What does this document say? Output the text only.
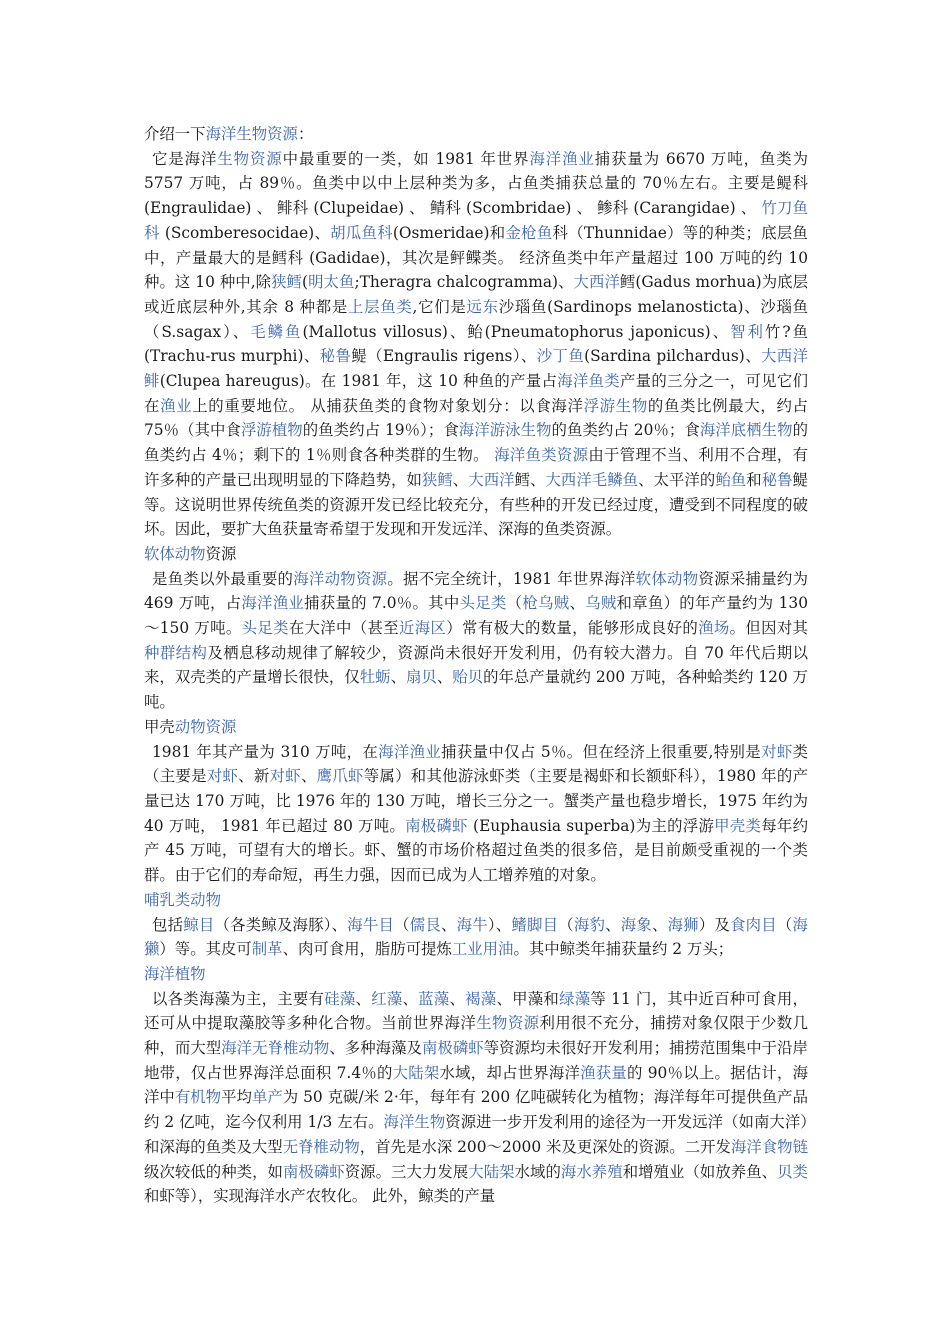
介绍一下海洋生物资源：

它是海洋生物资源中最重要的一类，如 1981 年世界海洋渔业捕获量为 6670 万吨，鱼类为 5757 万吨，占 89％。鱼类中以中上层种类为多，占鱼类捕获总量的 70％左右。主要是鳀科 (Engraulidae) 、 鲱科 (Clupeidae) 、 鲭科 (Scombridae) 、 鲹科 (Carangidae) 、 竹刀鱼科 (Scomberesocidae)、胡瓜鱼科(Osmeridae)和金枪鱼科（Thunnidae）等的种类；底层鱼中，产量最大的是鳕科 (Gadidae)，其次是鲆鲽类。 经济鱼类中年产量超过 100 万吨的约 10 种。这 10 种中,除狭鳕(明太鱼;Theragra chalcogramma)、大西洋鳕(Gadus morhua)为底层或近底层种外,其余 8 种都是上层鱼类,它们是远东沙瑙鱼(Sardinops melanosticta)、沙瑙鱼（S.sagax）、毛鳞鱼(Mallotus villosus)、鲐(Pneumatophorus japonicus)、智利竹?鱼 (Trachu-rus murphi)、秘鲁鳀（Engraulis rigens）、沙丁鱼(Sardina pilchardus)、大西洋鲱(Clupea hareugus)。在 1981 年，这 10 种鱼的产量占海洋鱼类产量的三分之一，可见它们在渔业上的重要地位。 从捕获鱼类的食物对象划分：以食海洋浮游生物的鱼类比例最大，约占 75％（其中食浮游植物的鱼类约占 19％）；食海洋游泳生物的鱼类约占 20％；食海洋底栖生物的鱼类约占 4％；剩下的 1％则食各种类群的生物。 海洋鱼类资源由于管理不当、利用不合理，有许多种的产量已出现明显的下降趋势，如狭鳕、大西洋鳕、大西洋毛鳞鱼、太平洋的鲐鱼和秘鲁鳀等。这说明世界传统鱼类的资源开发已经比较充分，有些种的开发已经过度，遭受到不同程度的破坏。因此，要扩大鱼获量寄希望于发现和开发远洋、深海的鱼类资源。

软体动物资源

是鱼类以外最重要的海洋动物资源。据不完全统计，1981 年世界海洋软体动物资源采捕量约为 469 万吨，占海洋渔业捕获量的 7.0％。其中头足类（枪乌贼、乌贼和章鱼）的年产量约为 130～150 万吨。头足类在大洋中（甚至近海区）常有极大的数量，能够形成良好的渔场。但因对其种群结构及栖息移动规律了解较少，资源尚未很好开发利用，仍有较大潜力。自 70 年代后期以来，双壳类的产量增长很快，仅牡蛎、扇贝、贻贝的年总产量就约 200 万吨，各种蛤类约 120 万吨。

甲壳动物资源

1981 年其产量为 310 万吨，在海洋渔业捕获量中仅占 5％。但在经济上很重要,特别是对虾类（主要是对虾、新对虾、鹰爪虾等属）和其他游泳虾类（主要是褐虾和长额虾科），1980 年的产量已达 170 万吨，比 1976 年的 130 万吨，增长三分之一。蟹类产量也稳步增长，1975 年约为 40 万吨， 1981 年已超过 80 万吨。南极磷虾 (Euphausia superba)为主的浮游甲壳类每年约产 45 万吨，可望有大的增长。虾、蟹的市场价格超过鱼类的很多倍，是目前颇受重视的一个类群。由于它们的寿命短，再生力强，因而已成为人工增养殖的对象。

哺乳类动物

包括鲸目（各类鲸及海豚）、海牛目（儒艮、海牛）、鳍脚目（海豹、海象、海狮）及食肉目（海獭）等。其皮可制革、肉可食用，脂肪可提炼工业用油。其中鲸类年捕获量约 2 万头；

海洋植物

以各类海藻为主，主要有硅藻、红藻、蓝藻、褐藻、甲藻和绿藻等 11 门，其中近百种可食用，还可从中提取藻胶等多种化合物。当前世界海洋生物资源利用很不充分，捕捞对象仅限于少数几种，而大型海洋无脊椎动物、多种海藻及南极磷虾等资源均未很好开发利用；捕捞范围集中于沿岸地带，仅占世界海洋总面积 7.4％的大陆架水域，却占世界海洋渔获量的 90％以上。据估计，海洋中有机物平均单产为 50 克碳/米 2·年，每年有 200 亿吨碳转化为植物；海洋每年可提供鱼产品约 2 亿吨，迄今仅利用 1/3 左右。海洋生物资源进一步开发利用的途径为一开发远洋（如南大洋）和深海的鱼类及大型无脊椎动物，首先是水深 200～2000 米及更深处的资源。二开发海洋食物链级次较低的种类，如南极磷虾资源。三大力发展大陆架水域的海水养殖和增殖业（如放养鱼、贝类和虾等），实现海洋水产农牧化。 此外，鲸类的产量
